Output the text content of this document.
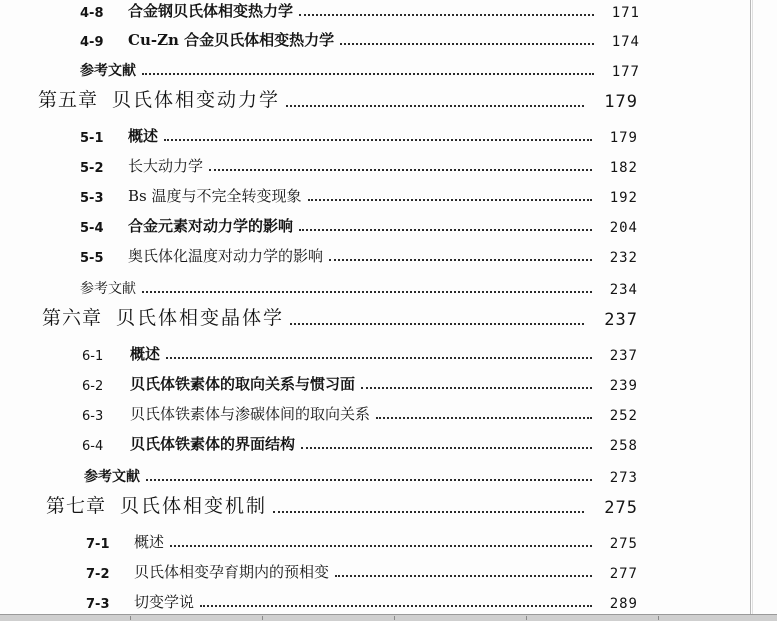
4-8	合金钢贝氏体相变热力学	171
4-9	Cu-Zn 合金贝氏体相变热力学	174
参考文献	177
第五章 贝氏体相变动力学	179
5-1	概述	179
5-2	长大动力学	182
5-3	Bs 温度与不完全转变现象	192
5-4	合金元素对动力学的影响	204
5-5	奥氏体化温度对动力学的影响	232
参考文献	234
第六章 贝氏体相变晶体学	237
6-1	概述	237
6-2	贝氏体铁素体的取向关系与惯习面	239
6-3	贝氏体铁素体与渗碳体间的取向关系	252
6-4	贝氏体铁素体的界面结构	258
参考文献	273
第七章 贝氏体相变机制	275
7-1	概述	275
7-2	贝氏体相变孕育期内的预相变	277
7-3	切变学说	289
